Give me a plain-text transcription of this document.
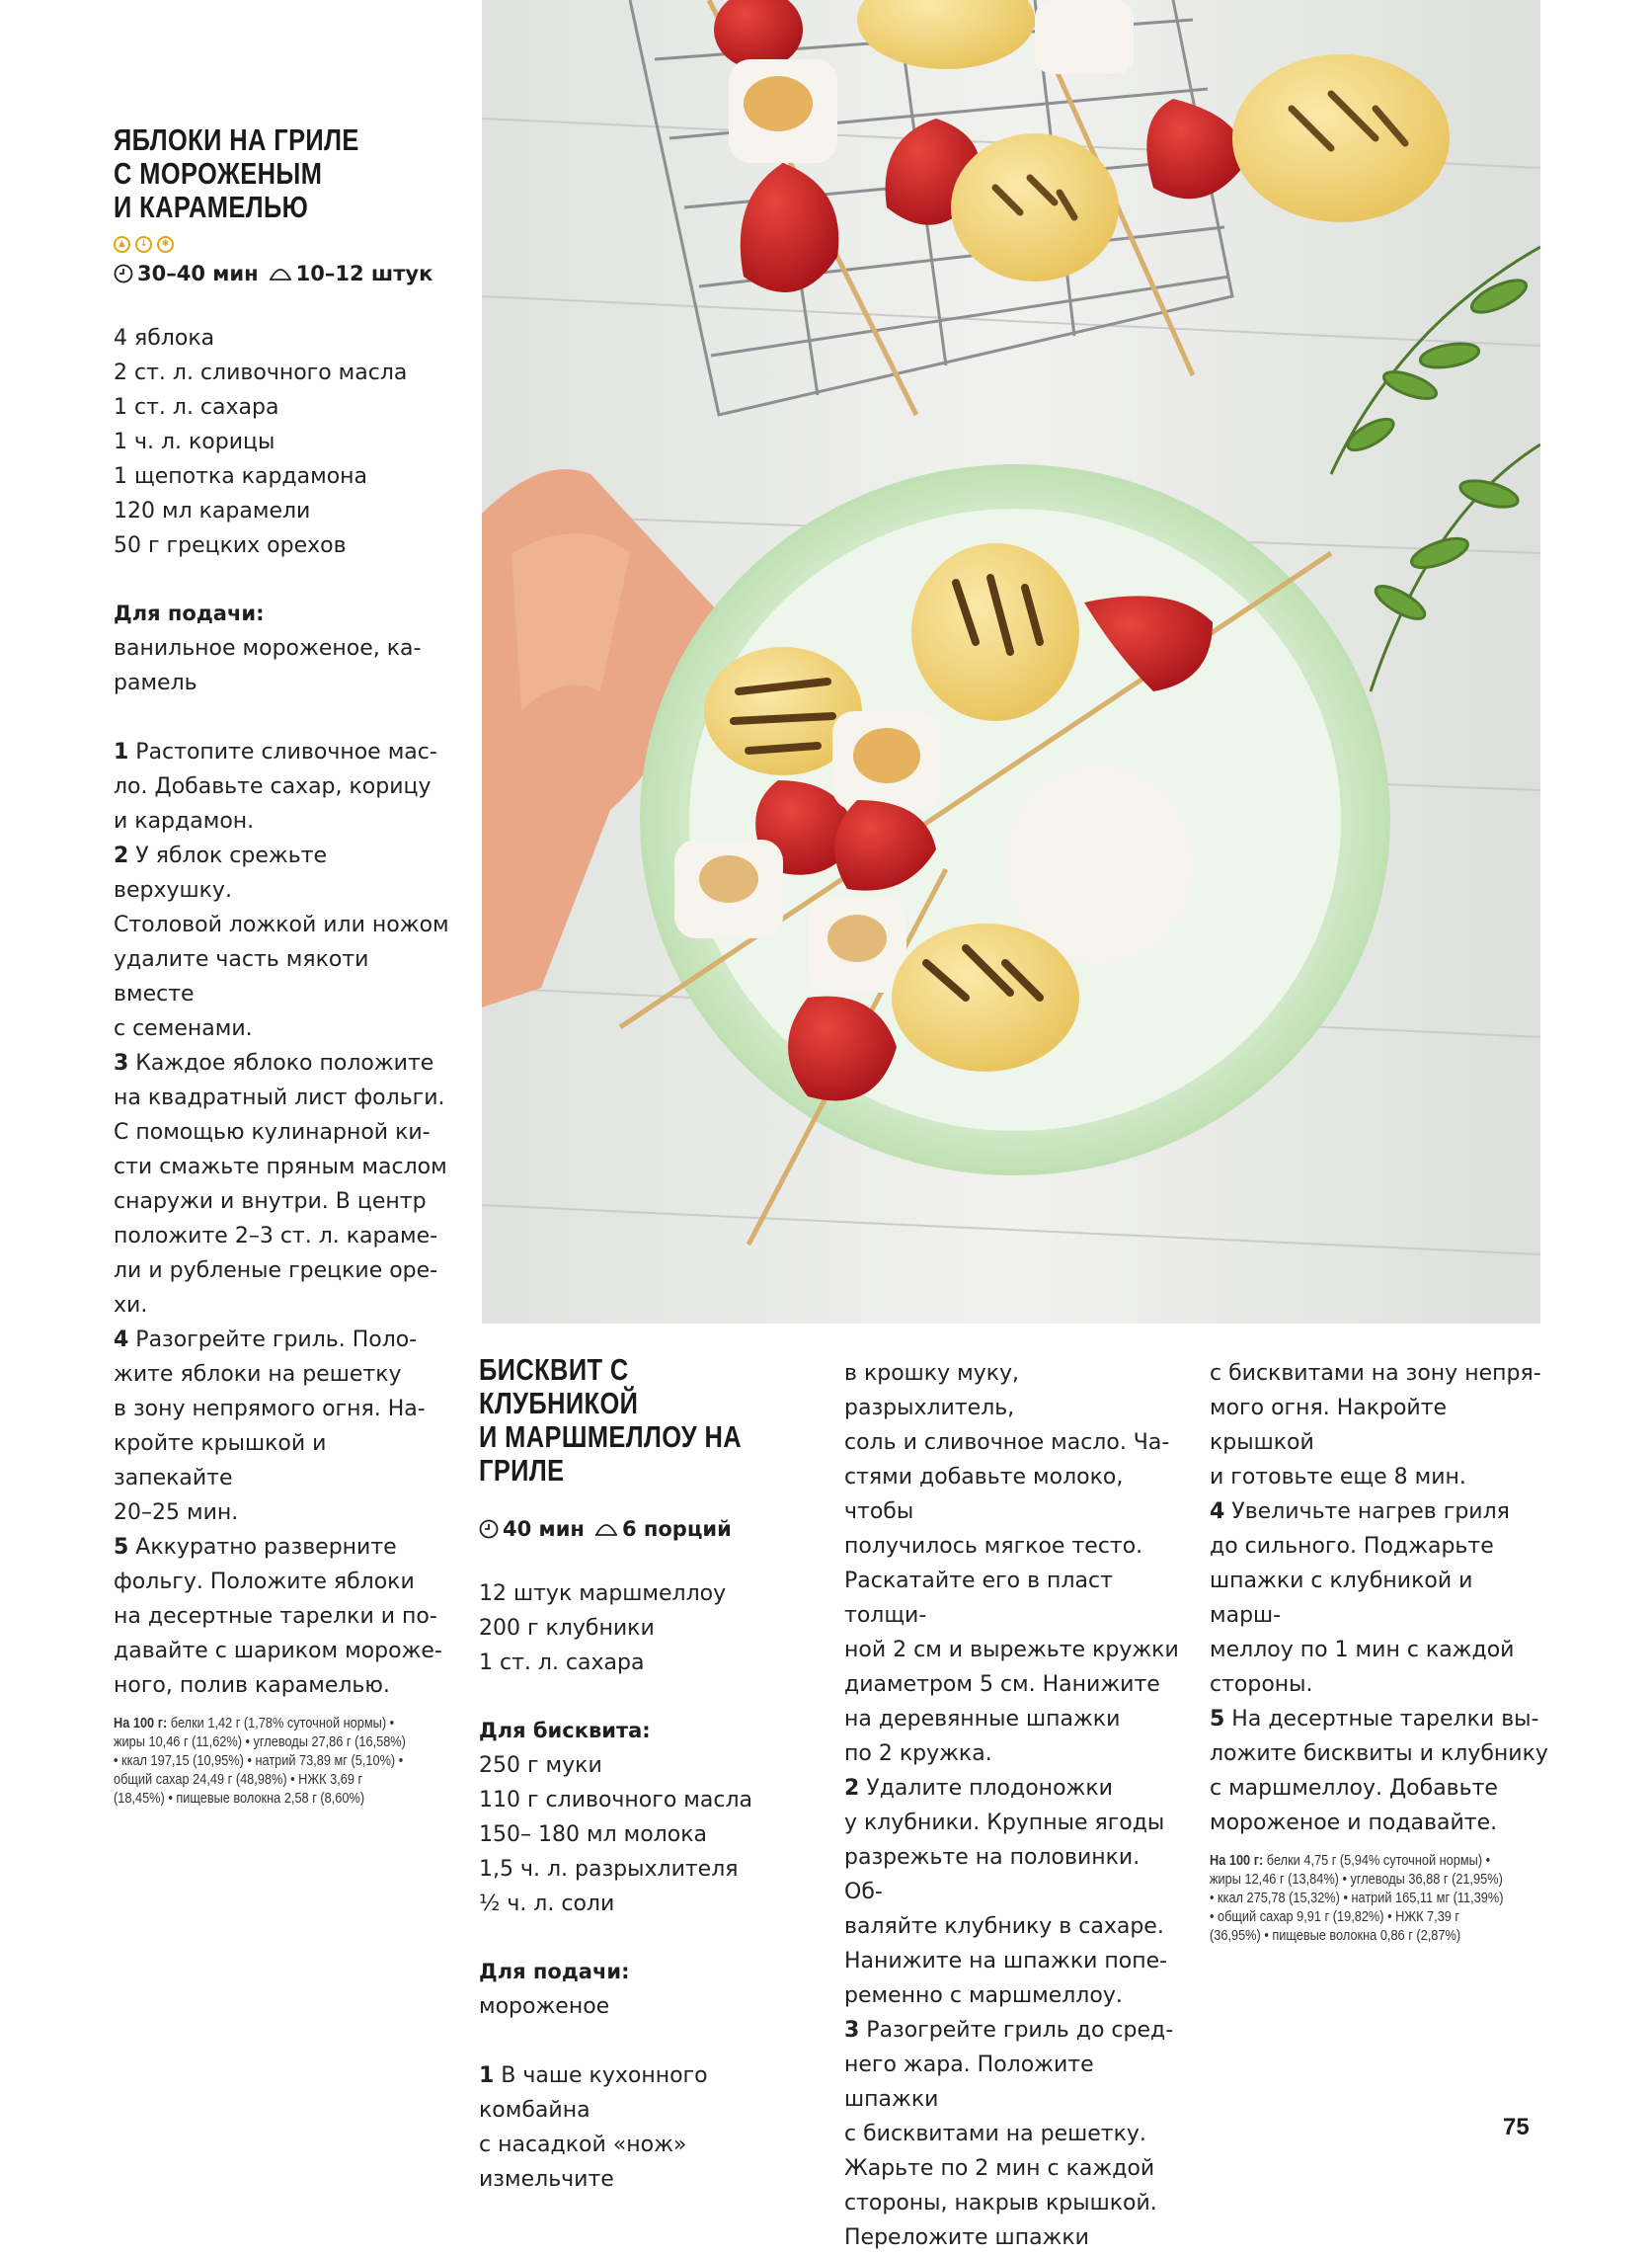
ЯБЛОКИ НА ГРИЛЕ
С МОРОЖЕНЫМ
И КАРАМЕЛЬЮ
▲	↓	✱
30–40 мин 10–12 штук

4 яблока

2 ст. л. сливочного масла

1 ст. л. сахара

1 ч. л. корицы

1 щепотка кардамона

120 мл карамели

50 г грецких орехов

Для подачи:

ванильное мороженое, ка-

рамель

1 Растопите сливочное мас-

ло. Добавьте сахар, корицу

и кардамон.

2 У яблок срежьте верхушку.

Столовой ложкой или ножом

удалите часть мякоти вместе

с семенами.

3 Каждое яблоко положите

на квадратный лист фольги.

С помощью кулинарной ки-

сти смажьте пряным маслом

снаружи и внутри. В центр

положите 2–3 ст. л. караме-

ли и рубленые грецкие оре-

хи.

4 Разогрейте гриль. Поло-

жите яблоки на решетку

в зону непрямого огня. На-

кройте крышкой и запекайте

20–25 мин.

5 Аккуратно разверните

фольгу. Положите яблоки

на десертные тарелки и по-

давайте с шариком мороже-

ного, полив карамелью.

На 100 г: белки 1,42 г (1,78% суточной нормы) • жиры 10,46 г (11,62%) • углеводы 27,86 г (16,58%) • ккал 197,15 (10,95%) • натрий 73,89 мг (5,10%) • общий сахар 24,49 г (48,98%) • НЖК 3,69 г (18,45%) • пищевые волокна 2,58 г (8,60%)
БИСКВИТ С КЛУБНИКОЙ
И МАРШМЕЛЛОУ НА ГРИЛЕ
40 мин 6 порций

12 штук маршмеллоу

200 г клубники

1 ст. л. сахара

Для бисквита:

250 г муки

110 г сливочного масла

150– 180 мл молока

1,5 ч. л. разрыхлителя

½ ч. л. соли

Для подачи:

мороженое

1 В чаше кухонного комбайна

с насадкой «нож» измельчите

в крошку муку, разрыхлитель,

соль и сливочное масло. Ча-

стями добавьте молоко, чтобы

получилось мягкое тесто.

Раскатайте его в пласт толщи-

ной 2 см и вырежьте кружки

диаметром 5 см. Нанижите

на деревянные шпажки

по 2 кружка.

2 Удалите плодоножки

у клубники. Крупные ягоды

разрежьте на половинки. Об-

валяйте клубнику в сахаре.

Нанижите на шпажки попе-

ременно с маршмеллоу.

3 Разогрейте гриль до сред-

него жара. Положите шпажки

с бисквитами на решетку.

Жарьте по 2 мин с каждой

стороны, накрыв крышкой.

Переложите шпажки

с бисквитами на зону непря-

мого огня. Накройте крышкой

и готовьте еще 8 мин.

4 Увеличьте нагрев гриля

до сильного. Поджарьте

шпажки с клубникой и марш-

меллоу по 1 мин с каждой

стороны.

5 На десертные тарелки вы-

ложите бисквиты и клубнику

с маршмеллоу. Добавьте

мороженое и подавайте.

На 100 г: белки 4,75 г (5,94% суточной нормы) • жиры 12,46 г (13,84%) • углеводы 36,88 г (21,95%) • ккал 275,78 (15,32%) • натрий 165,11 мг (11,39%) • общий сахар 9,91 г (19,82%) • НЖК 7,39 г (36,95%) • пищевые волокна 0,86 г (2,87%)
75
